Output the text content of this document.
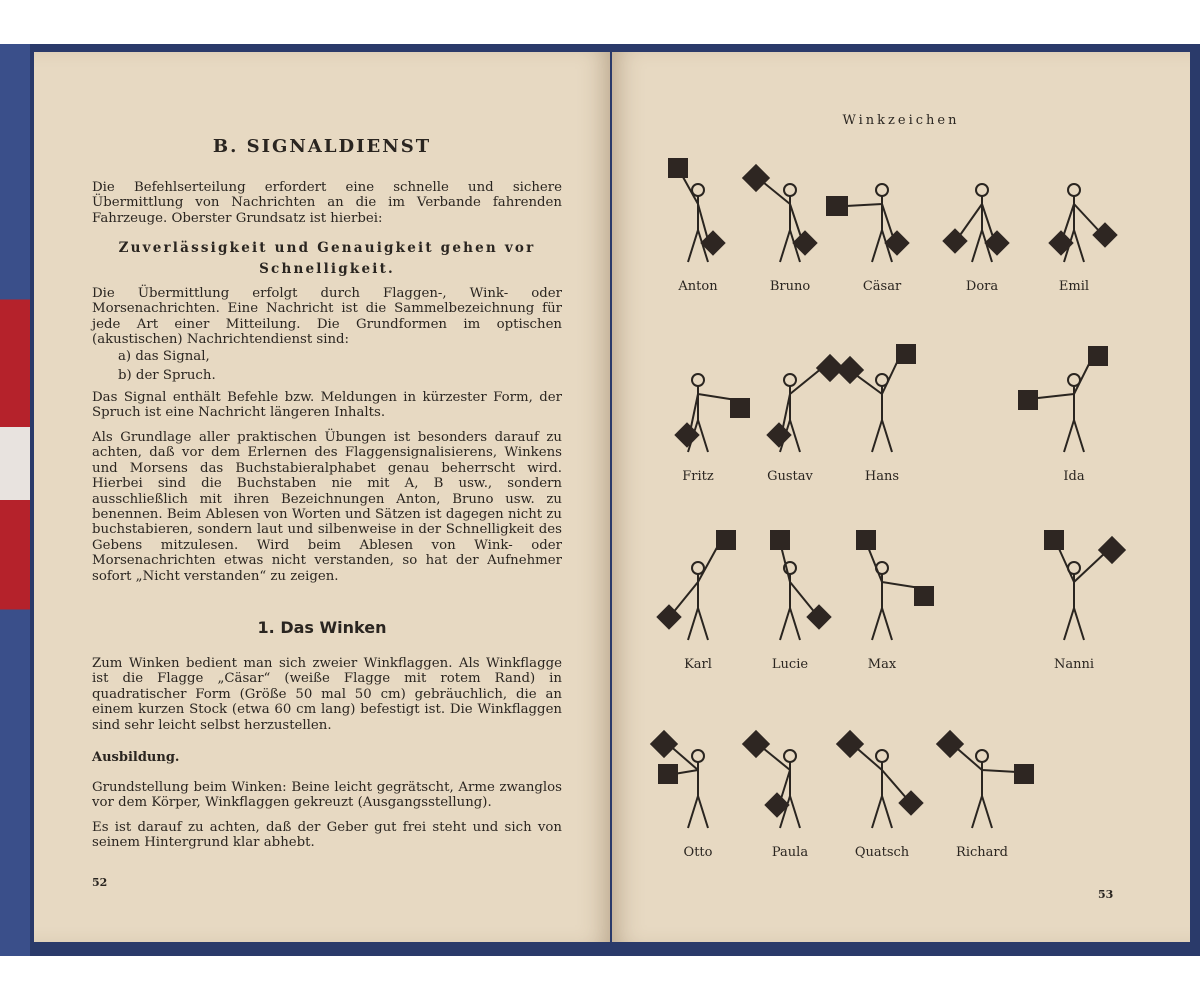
B. SIGNALDIENST

Die Befehlserteilung erfordert eine schnelle und sichere Übermittlung von Nachrichten an die im Verbande fahrenden Fahrzeuge. Oberster Grundsatz ist hierbei:

Zuverlässigkeit und Genauigkeit gehen vor Schnelligkeit.

Die Übermittlung erfolgt durch Flaggen-, Wink- oder Morsenachrichten. Eine Nachricht ist die Sammelbezeichnung für jede Art einer Mitteilung. Die Grundformen im optischen (akustischen) Nachrichtendienst sind:

a) das Signal,

b) der Spruch.

Das Signal enthält Befehle bzw. Meldungen in kürzester Form, der Spruch ist eine Nachricht längeren Inhalts.

Als Grundlage aller praktischen Übungen ist besonders darauf zu achten, daß vor dem Erlernen des Flaggensignalisierens, Winkens und Morsens das Buchstabieralphabet genau beherrscht wird. Hierbei sind die Buchstaben nie mit A, B usw., sondern ausschließlich mit ihren Bezeichnungen Anton, Bruno usw. zu benennen. Beim Ablesen von Worten und Sätzen ist dagegen nicht zu buchstabieren, sondern laut und silbenweise in der Schnelligkeit des Gebens mitzulesen. Wird beim Ablesen von Wink- oder Morsenachrichten etwas nicht verstanden, so hat der Aufnehmer sofort „Nicht verstanden“ zu zeigen.

1. Das Winken

Zum Winken bedient man sich zweier Winkflaggen. Als Winkflagge ist die Flagge „Cäsar“ (weiße Flagge mit rotem Rand) in quadratischer Form (Größe 50 mal 50 cm) gebräuchlich, die an einem kurzen Stock (etwa 60 cm lang) befestigt ist. Die Winkflaggen sind sehr leicht selbst herzustellen.

Ausbildung.

Grundstellung beim Winken: Beine leicht gegrätscht, Arme zwanglos vor dem Körper, Winkflaggen gekreuzt (Ausgangsstellung).

Es ist darauf zu achten, daß der Geber gut frei steht und sich von seinem Hintergrund klar abhebt.

52

Winkzeichen

Anton	Bruno	Cäsar	Dora	Emil
Fritz	Gustav	Hans	Ida
Karl	Lucie	Max	Nanni
Otto	Paula	Quatsch	Richard
53
